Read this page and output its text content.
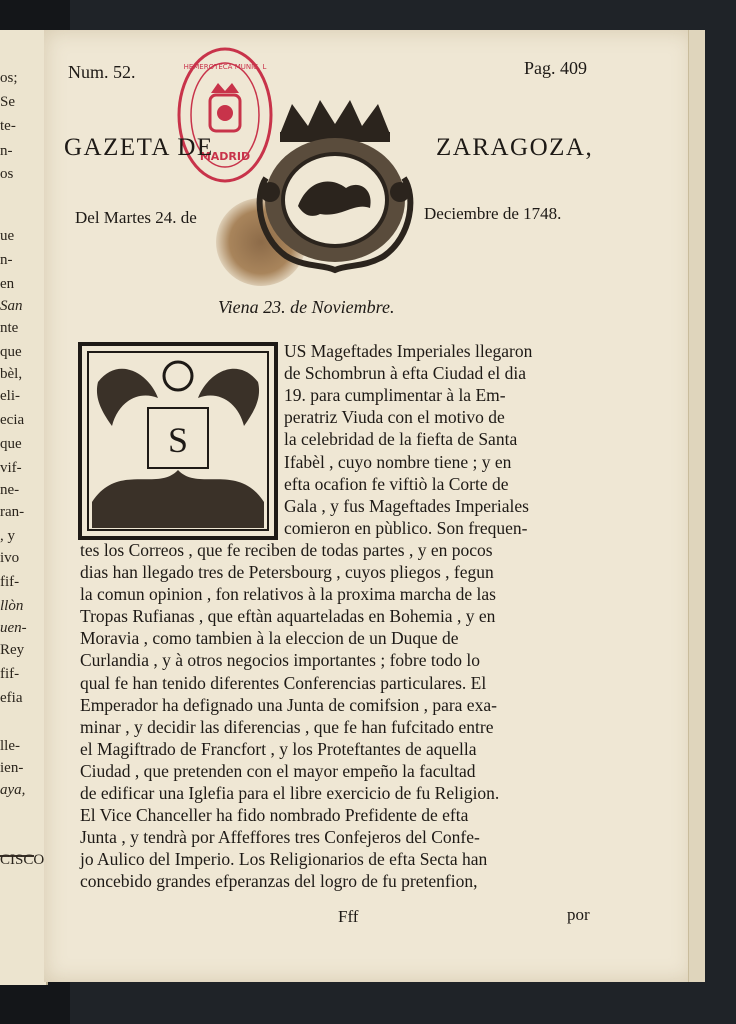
os;
Se
te-
n-
os
ue
n-
en
San
nte
que
bèl,
eli-
ecia
que
vif-
ne-
ran-
, y
ivo
fif-
llòn
uen-
Rey
fif-
efia
lle-
ien-
aya,
CISCO
Num. 52.	Pag. 409
MADRID
HEMEROTECA MUNIC. L
GAZETA DE	ZARAGOZA,
Del Martes 24. de	Deciembre de 1748.
Viena 23. de Noviembre.
S
US Mageftades Imperiales llegaron
de Schombrun à efta Ciudad el dia
19. para cumplimentar à la Em-
peratriz Viuda con el motivo de
la celebridad de la fiefta de Santa
Ifabèl , cuyo nombre tiene ; y en
efta ocafion fe viftiò la Corte de
Gala , y fus Mageftades Imperiales
comieron en pùblico. Son frequen-
tes los Correos , que fe reciben de todas partes , y en pocos
dias han llegado tres de Petersbourg , cuyos pliegos , fegun
la comun opinion , fon relativos à la proxima marcha de las
Tropas Rufianas , que eftàn aquarteladas en Bohemia , y en
Moravia , como tambien à la eleccion de un Duque de
Curlandia , y à otros negocios importantes ; fobre todo lo
qual fe han tenido diferentes Conferencias particulares. El
Emperador ha defignado una Junta de comifsion , para exa-
minar , y decidir las diferencias , que fe han fufcitado entre
el Magiftrado de Francfort , y los Proteftantes de aquella
Ciudad , que pretenden con el mayor empeño la facultad
de edificar una Iglefia para el libre exercicio de fu Religion.
El Vice Chanceller ha fido nombrado Prefidente de efta
Junta , y tendrà por Affeffores tres Confejeros del Confe-
jo Aulico del Imperio. Los Religionarios de efta Secta han
concebido grandes efperanzas del logro de fu pretenfion,
Fff	por
